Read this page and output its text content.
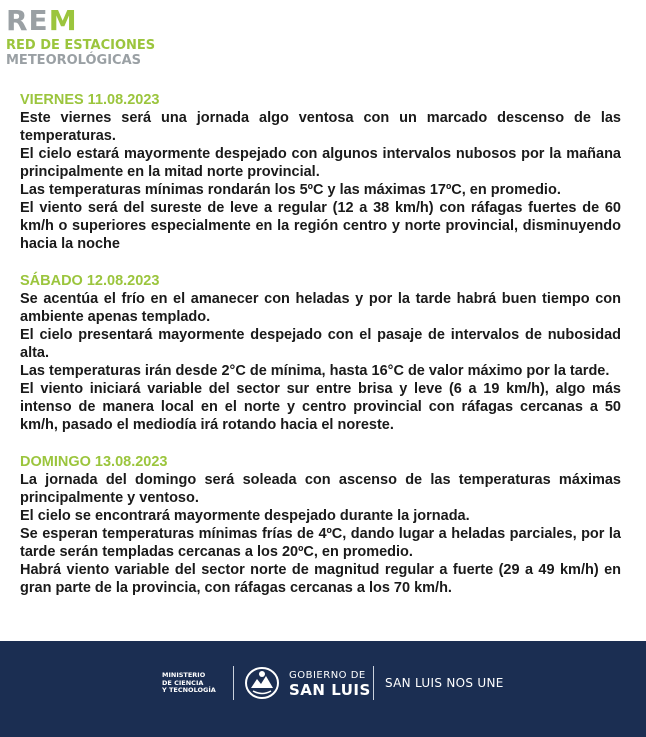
REM
RED DE ESTACIONES
METEOROLÓGICAS
VIERNES 11.08.2023
Este viernes será una jornada algo ventosa con un marcado descenso de las temperaturas.
El cielo estará mayormente despejado con algunos intervalos nubosos por la mañana principalmente en la mitad norte provincial.
Las temperaturas mínimas rondarán los 5ºC y las máximas 17ºC, en promedio.
El viento será del sureste de leve a regular (12 a 38 km/h) con ráfagas fuertes de 60 km/h o superiores especialmente en la región centro y norte provincial, disminuyendo hacia la noche
SÁBADO 12.08.2023
Se acentúa el frío en el amanecer con heladas y por la tarde habrá buen tiempo con ambiente apenas templado.
El cielo presentará mayormente despejado con el pasaje de intervalos de nubosidad alta.
Las temperaturas irán desde 2°C de mínima, hasta 16°C de valor máximo por la tarde.
El viento iniciará variable del sector sur entre brisa y leve (6 a 19 km/h), algo más intenso de manera local en el norte y centro provincial con ráfagas cercanas a 50 km/h, pasado el mediodía irá rotando hacia el noreste.
DOMINGO 13.08.2023
La jornada del domingo será soleada con ascenso de las temperaturas máximas principalmente y ventoso.
El cielo se encontrará mayormente despejado durante la jornada.
Se esperan temperaturas mínimas frías de 4ºC, dando lugar a heladas parciales, por la tarde serán templadas cercanas a los 20ºC, en promedio.
Habrá viento variable del sector norte de magnitud regular a fuerte (29 a 49 km/h) en gran parte de la provincia, con ráfagas cercanas a los 70 km/h.
MINISTERIO
DE CIENCIA
Y TECNOLOGÍA
GOBIERNO DE
SAN LUIS SAN LUIS NOS UNE
